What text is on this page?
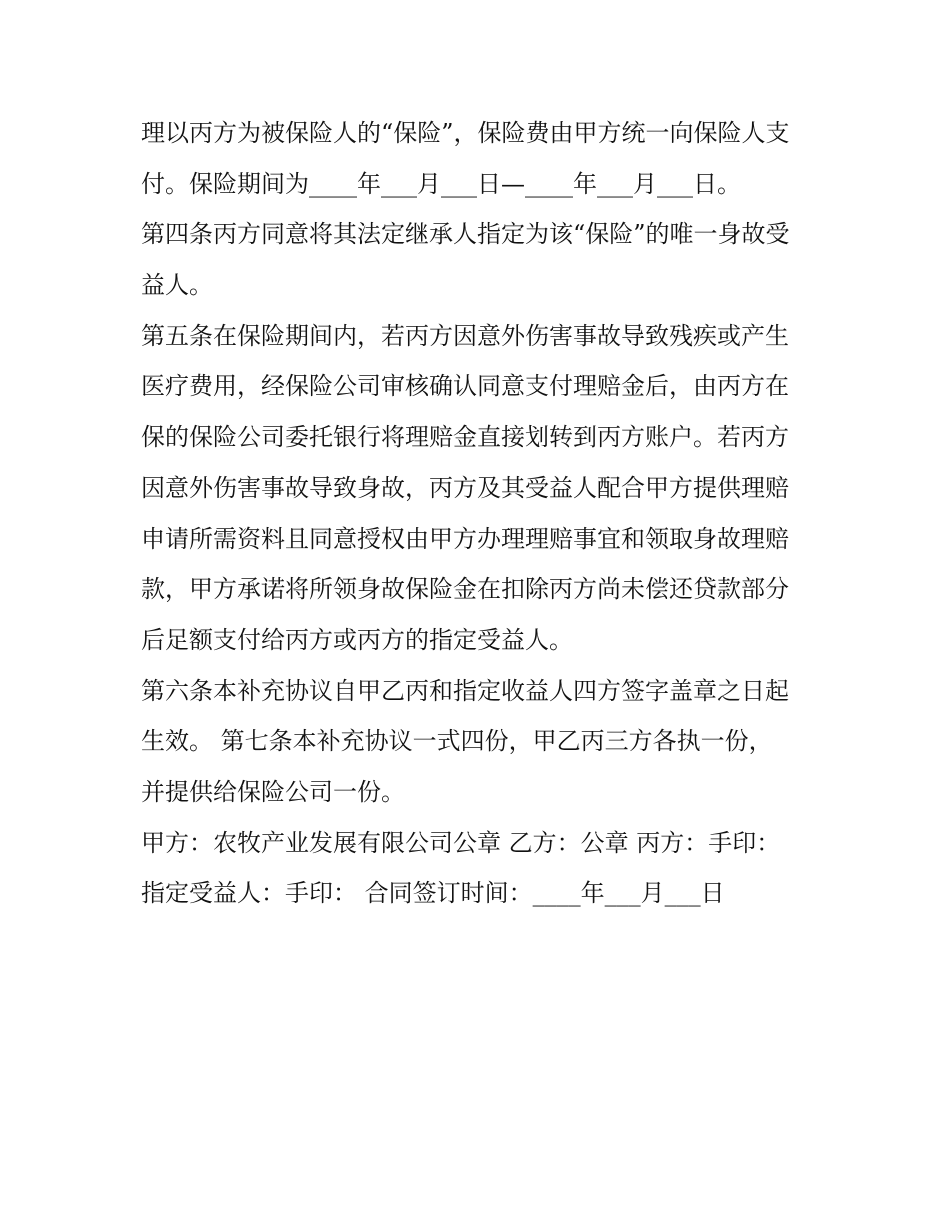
理以丙方为被保险人的“保险”，保险费由甲方统一向保险人支
付。保险期间为____年___月___日—____年___月___日。
第四条丙方同意将其法定继承人指定为该“保险”的唯一身故受
益人。
第五条在保险期间内，若丙方因意外伤害事故导致残疾或产生
医疗费用，经保险公司审核确认同意支付理赔金后，由丙方在
保的保险公司委托银行将理赔金直接划转到丙方账户。若丙方
因意外伤害事故导致身故，丙方及其受益人配合甲方提供理赔
申请所需资料且同意授权由甲方办理理赔事宜和领取身故理赔
款，甲方承诺将所领身故保险金在扣除丙方尚未偿还贷款部分
后足额支付给丙方或丙方的指定受益人。
第六条本补充协议自甲乙丙和指定收益人四方签字盖章之日起
生效。 第七条本补充协议一式四份，甲乙丙三方各执一份，
并提供给保险公司一份。
甲方：农牧产业发展有限公司公章 乙方：公章 丙方：手印：
指定受益人：手印： 合同签订时间：____年___月___日
